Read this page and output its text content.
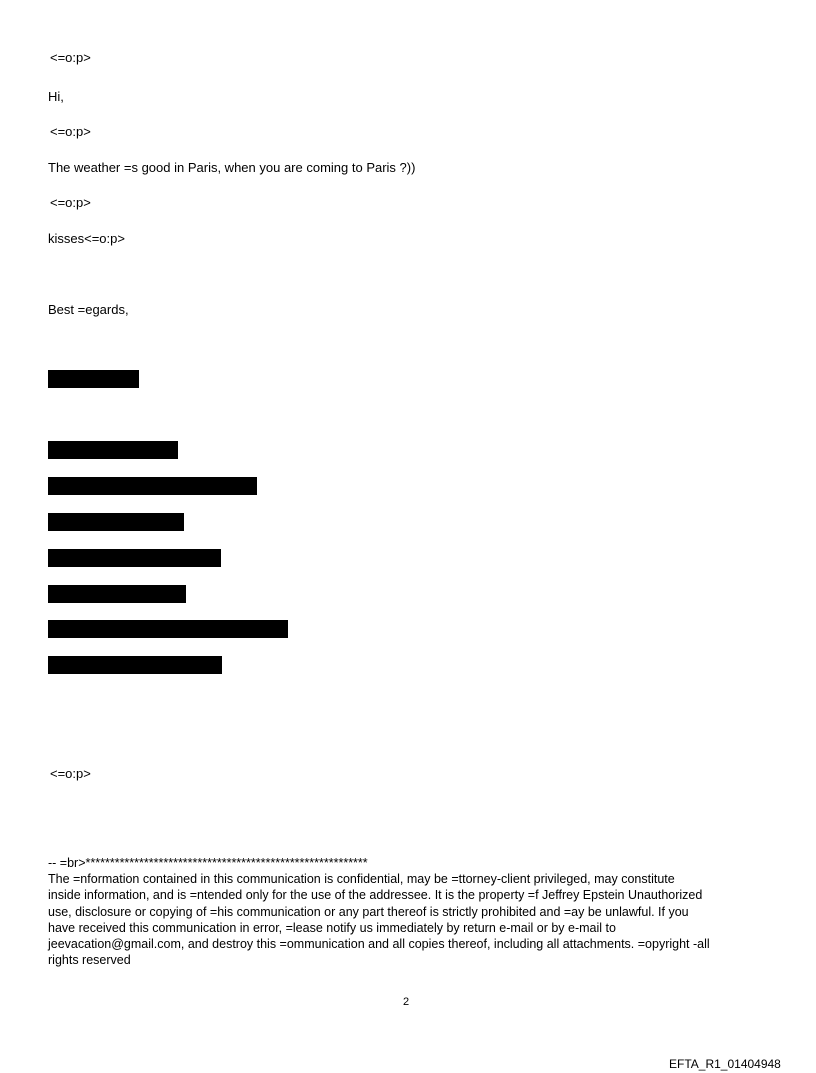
<=o:p>
Hi,
<=o:p>
The weather =s good in Paris, when you are coming to Paris ?))
<=o:p>
kisses<=o:p>
Best =egards,
<=o:p>
-- =br>**********************************************************
The =nformation contained in this communication is confidential, may be =ttorney-client privileged, may constitute
inside information, and is =ntended only for the use of the addressee. It is the property =f Jeffrey Epstein Unauthorized
use, disclosure or copying of =his communication or any part thereof is strictly prohibited and =ay be unlawful. If you
have received this communication in error, =lease notify us immediately by return e-mail or by e-mail to
jeevacation@gmail.com, and destroy this =ommunication and all copies thereof, including all attachments. =opyright -all
rights reserved
2
EFTA_R1_01404948
